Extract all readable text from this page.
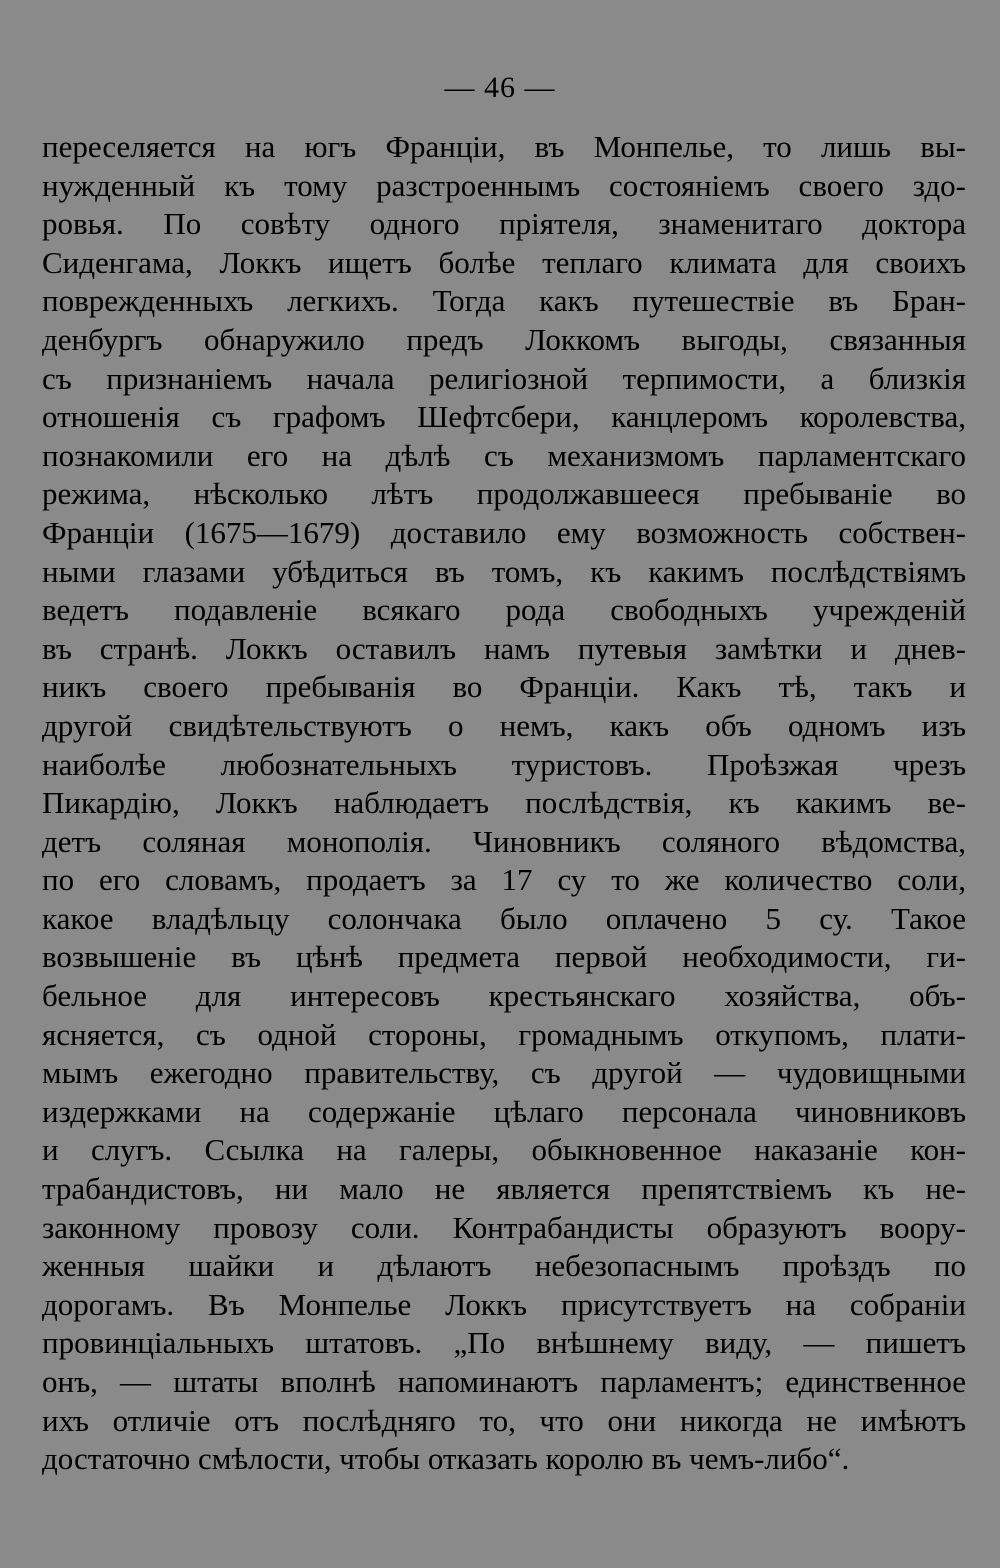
— 46 —
переселяется на югъ Франціи, въ Монпелье, то лишь вы-
нужденный къ тому разстроеннымъ состояніемъ своего здо-
ровья. По совѣту одного пріятеля, знаменитаго доктора
Сиденгама, Локкъ ищетъ болѣе теплаго климата для своихъ
поврежденныхъ легкихъ. Тогда какъ путешествіе въ Бран-
денбургъ обнаружило предъ Локкомъ выгоды, связанныя
съ признаніемъ начала религіозной терпимости, а близкія
отношенія съ графомъ Шефтсбери, канцлеромъ королевства,
познакомили его на дѣлѣ съ механизмомъ парламентскаго
режима, нѣсколько лѣтъ продолжавшееся пребываніе во
Франціи (1675—1679) доставило ему возможность собствен-
ными глазами убѣдиться въ томъ, къ какимъ послѣдствіямъ
ведетъ подавленіе всякаго рода свободныхъ учрежденій
въ странѣ. Локкъ оставилъ намъ путевыя замѣтки и днев-
никъ своего пребыванія во Франціи. Какъ тѣ, такъ и
другой свидѣтельствуютъ о немъ, какъ объ одномъ изъ
наиболѣе любознательныхъ туристовъ. Проѣзжая чрезъ
Пикардію, Локкъ наблюдаетъ послѣдствія, къ какимъ ве-
детъ соляная монополія. Чиновникъ соляного вѣдомства,
по его словамъ, продаетъ за 17 су то же количество соли,
какое владѣльцу солончака было оплачено 5 су. Такое
возвышеніе въ цѣнѣ предмета первой необходимости, ги-
бельное для интересовъ крестьянскаго хозяйства, объ-
ясняется, съ одной стороны, громаднымъ откупомъ, плати-
мымъ ежегодно правительству, съ другой — чудовищными
издержками на содержаніе цѣлаго персонала чиновниковъ
и слугъ. Ссылка на галеры, обыкновенное наказаніе кон-
трабандистовъ, ни мало не является препятствіемъ къ не-
законному провозу соли. Контрабандисты образуютъ воору-
женныя шайки и дѣлаютъ небезопаснымъ проѣздъ по
дорогамъ. Въ Монпелье Локкъ присутствуетъ на собраніи
провинціальныхъ штатовъ. „По внѣшнему виду, — пишетъ
онъ, — штаты вполнѣ напоминаютъ парламентъ; единственное
ихъ отличіе отъ послѣдняго то, что они никогда не имѣютъ
достаточно смѣлости, чтобы отказать королю въ чемъ-либо“.
